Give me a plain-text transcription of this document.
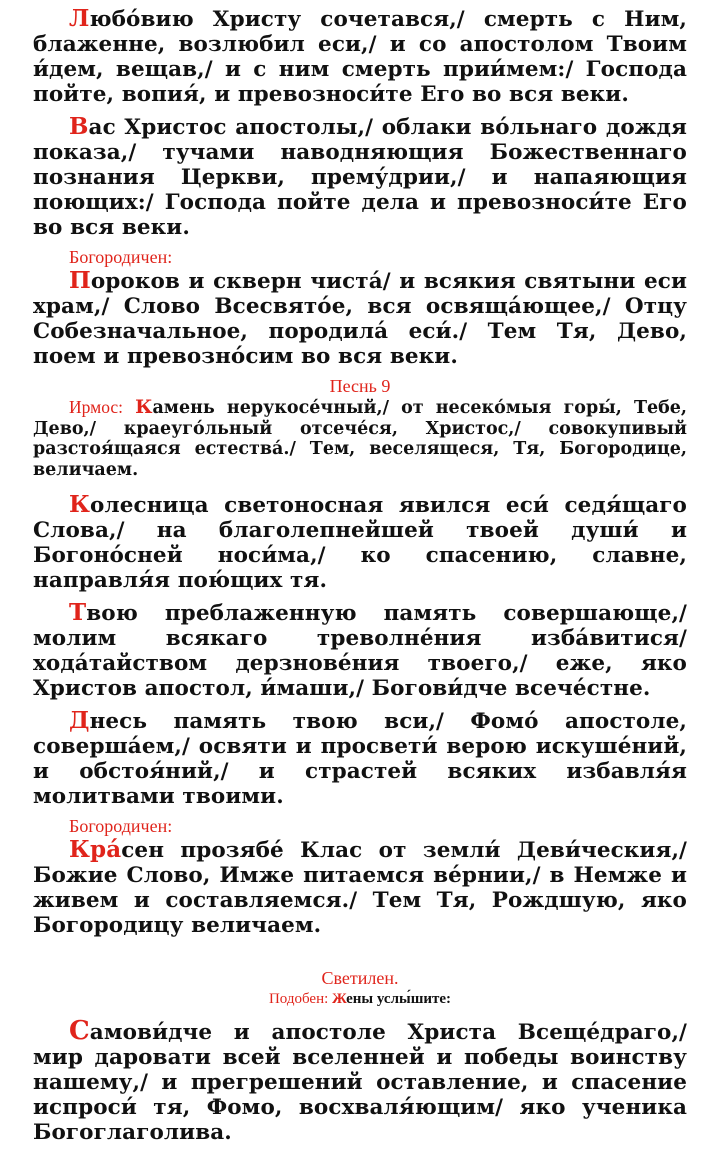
Любо́вию Христу сочетався,/ смерть с Ним, блаженне, возлюбил еси,/ и со апостолом Твоим и́дем, вещав,/ и с ним смерть прии́мем:/ Господа пойте, вопия́, и превозноси́те Его во вся веки.

Вас Христос апостолы,/ облаки во́льнаго дождя показа,/ тучами наводняющия Божественнаго познания Церкви, прему́дрии,/ и напаяющия поющих:/ Господа пойте дела и превозноси́те Его во вся веки.

Богородичен:

Пороков и скверн чиста́/ и всякия святыни еси храм,/ Слово Всесвято́е, вся освяща́ющее,/ Отцу Собезначальное, породила́ еси́./ Тем Тя, Дево, поем и превозно́сим во вся веки.

Песнь 9

Ирмос: Камень нерукосе́чный,/ от несеко́мыя горы́, Тебе, Дево,/ краеуго́льный отсече́ся, Христос,/ совокупивый разстоя́щаяся естества́./ Тем, веселящеся, Тя, Богородице, величаем.

Колесница светоносная явился еси́ седя́щаго Слова,/ на благолепнейшей твоей души́ и Богоно́сней носи́ма,/ ко спасению, славне, направля́я пою́щих тя.

Твою преблаженную память совершающе,/ молим всякаго треволне́ния изба́витися/ хода́тайством дерзнове́ния твоего,/ еже, яко Христов апостол, и́маши,/ Богови́дче всече́стне.

Днесь память твою вси,/ Фомо́ апостоле, соверша́ем,/ освяти и просвети́ верою искуше́ний, и обстоя́ний,/ и страстей всяких избавля́я молитвами твоими.

Богородичен:

Кра́сен прозябе́ Клас от земли́ Деви́ческия,/ Божие Слово, Имже питаемся ве́рнии,/ в Немже и живем и составляемся./ Тем Тя, Рождшую, яко Богородицу величаем.

Светилен.

Подобен: Жены услы́шите:

Самови́дче и апостоле Христа Всеще́драго,/ мир даровати всей вселенней и победы воинству нашему,/ и прегрешений оставление, и спасение испроси́ тя, Фомо, восхваля́ющим/ яко ученика Богоглаголива.
